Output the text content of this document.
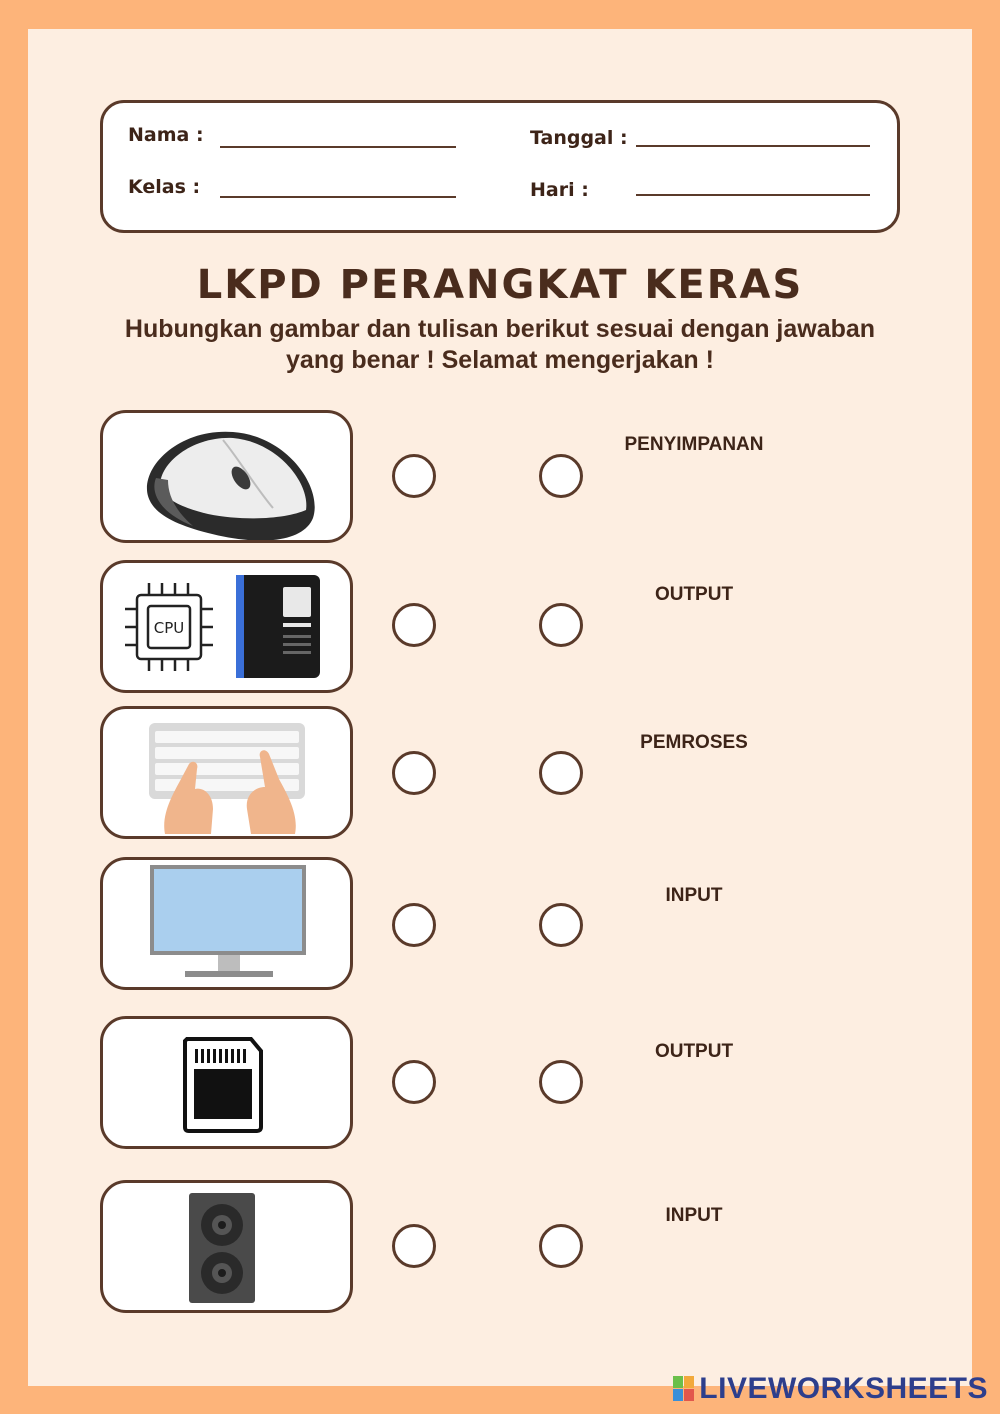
Nama :
Kelas :
Tanggal :
Hari :
LKPD PERANGKAT KERAS
Hubungkan gambar dan tulisan berikut sesuai dengan jawaban
yang benar ! Selamat mengerjakan !
PENYIMPANAN
CPU
OUTPUT
PEMROSES
INPUT
OUTPUT
INPUT
LIVEWORKSHEETS
